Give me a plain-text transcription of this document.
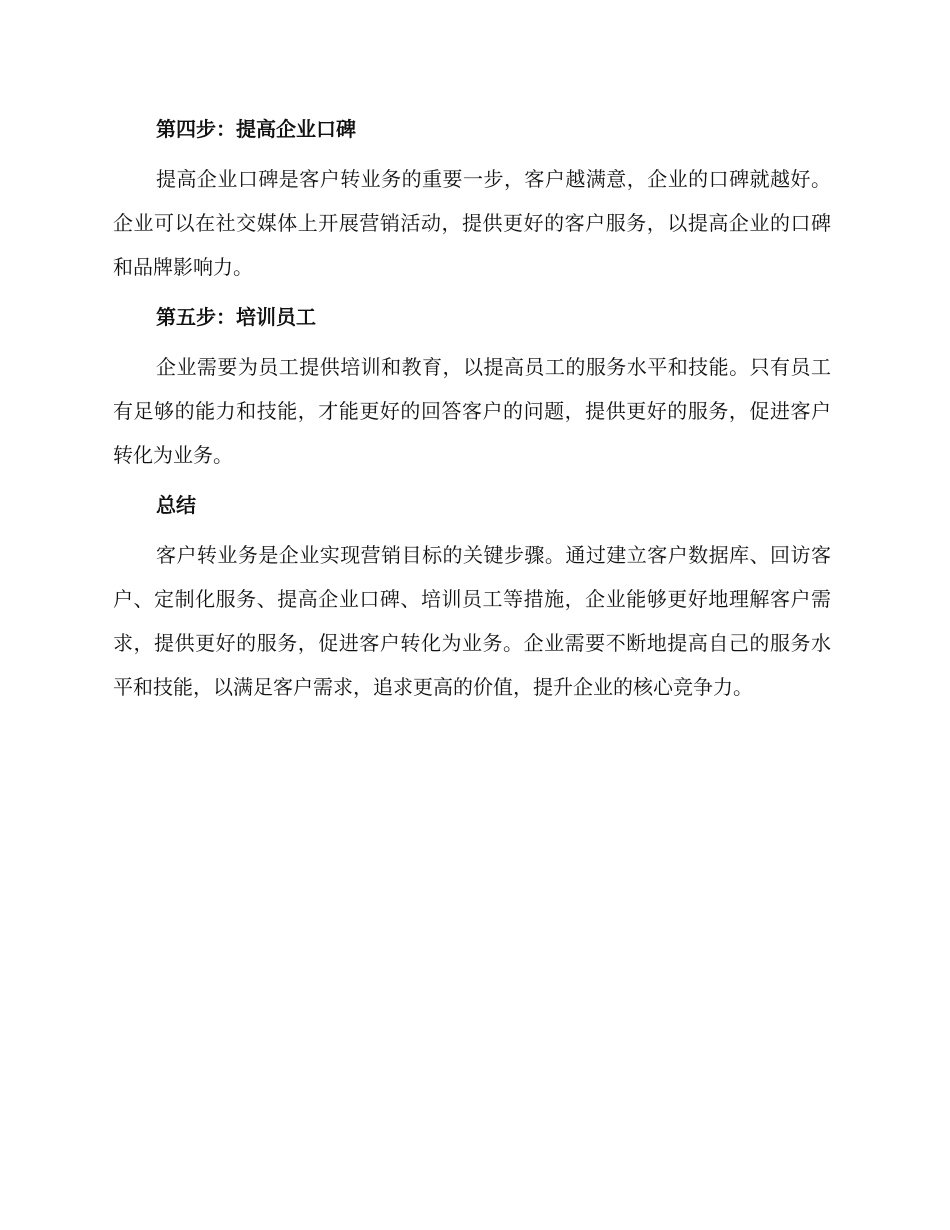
第四步：提高企业口碑
提高企业口碑是客户转业务的重要一步，客户越满意，企业的口碑就越好。企业可以在社交媒体上开展营销活动，提供更好的客户服务，以提高企业的口碑和品牌影响力。
第五步：培训员工
企业需要为员工提供培训和教育，以提高员工的服务水平和技能。只有员工有足够的能力和技能，才能更好的回答客户的问题，提供更好的服务，促进客户转化为业务。
总结
客户转业务是企业实现营销目标的关键步骤。通过建立客户数据库、回访客户、定制化服务、提高企业口碑、培训员工等措施，企业能够更好地理解客户需求，提供更好的服务，促进客户转化为业务。企业需要不断地提高自己的服务水平和技能，以满足客户需求，追求更高的价值，提升企业的核心竞争力。
